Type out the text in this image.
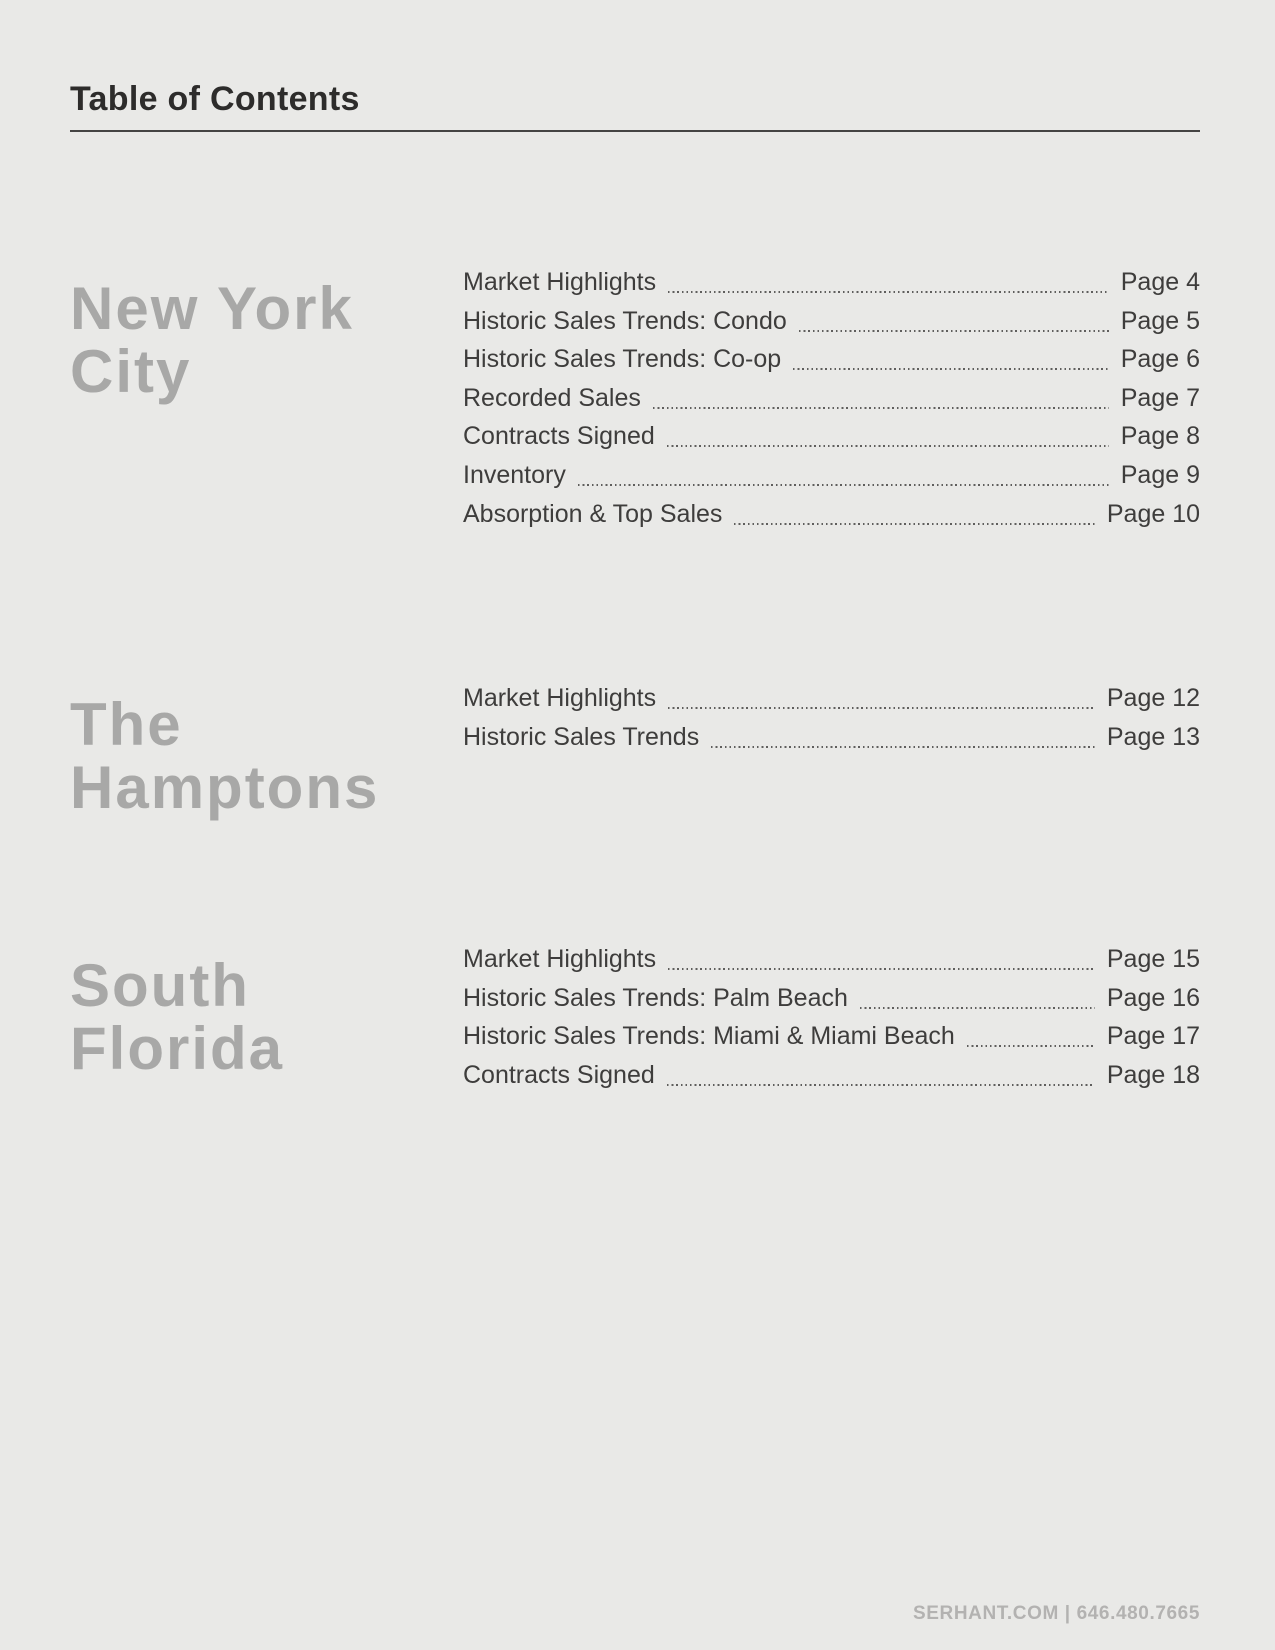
Table of Contents
New York
City
Market Highlights	Page 4
Historic Sales Trends: Condo	Page 5
Historic Sales Trends: Co-op	Page 6
Recorded Sales	Page 7
Contracts Signed	Page 8
Inventory	Page 9
Absorption & Top Sales	Page 10
The
Hamptons
Market Highlights	Page 12
Historic Sales Trends	Page 13
South
Florida
Market Highlights	Page 15
Historic Sales Trends: Palm Beach	Page 16
Historic Sales Trends: Miami & Miami Beach	Page 17
Contracts Signed	Page 18
SERHANT.COM | 646.480.7665
